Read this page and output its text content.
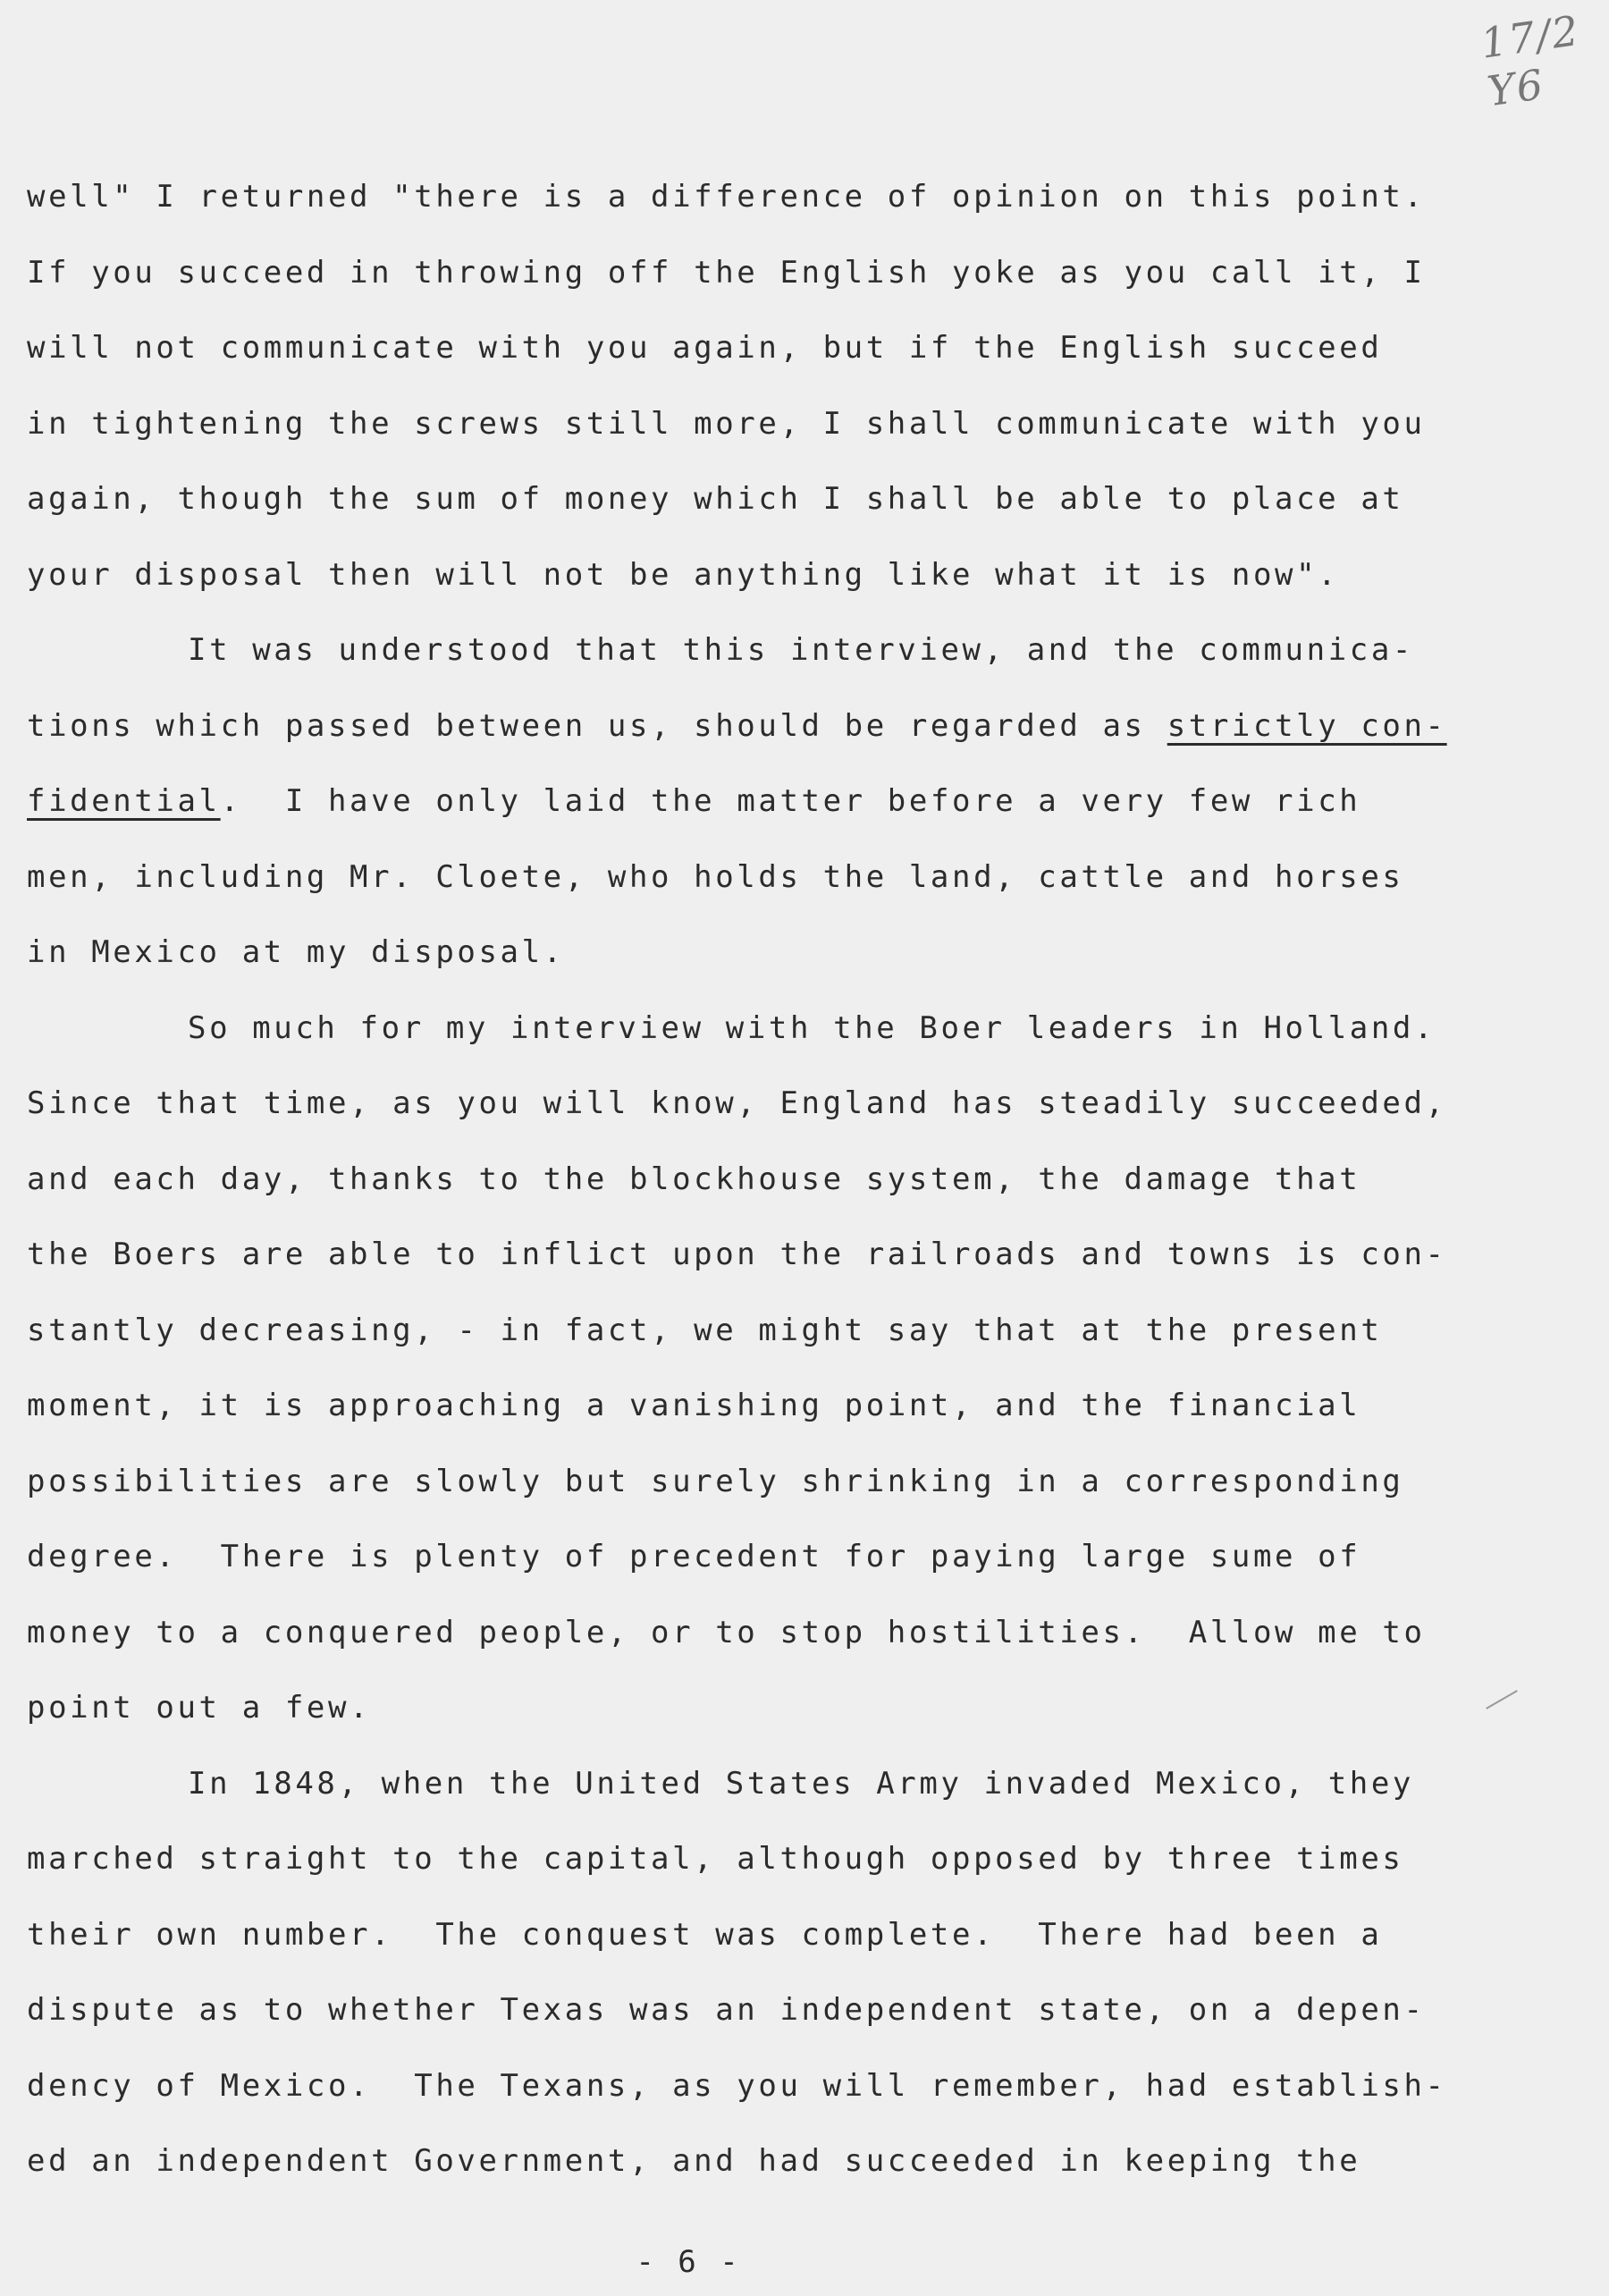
17/2 Y6
well" I returned "there is a difference of opinion on this point.
If you succeed in throwing off the English yoke as you call it, I
will not communicate with you again, but if the English succeed
in tightening the screws still more, I shall communicate with you
again, though the sum of money which I shall be able to place at
your disposal then will not be anything like what it is now".
It was understood that this interview, and the communica-
tions which passed between us, should be regarded as strictly con-
fidential.  I have only laid the matter before a very few rich
men, including Mr. Cloete, who holds the land, cattle and horses
in Mexico at my disposal.
So much for my interview with the Boer leaders in Holland.
Since that time, as you will know, England has steadily succeeded,
and each day, thanks to the blockhouse system, the damage that
the Boers are able to inflict upon the railroads and towns is con-
stantly decreasing, - in fact, we might say that at the present
moment, it is approaching a vanishing point, and the financial
possibilities are slowly but surely shrinking in a corresponding
degree.  There is plenty of precedent for paying large sume of
money to a conquered people, or to stop hostilities.  Allow me to
point out a few.
In 1848, when the United States Army invaded Mexico, they
marched straight to the capital, although opposed by three times
their own number.  The conquest was complete.  There had been a
dispute as to whether Texas was an independent state, on a depen-
dency of Mexico.  The Texans, as you will remember, had establish-
ed an independent Government, and had succeeded in keeping the
- 6 -
